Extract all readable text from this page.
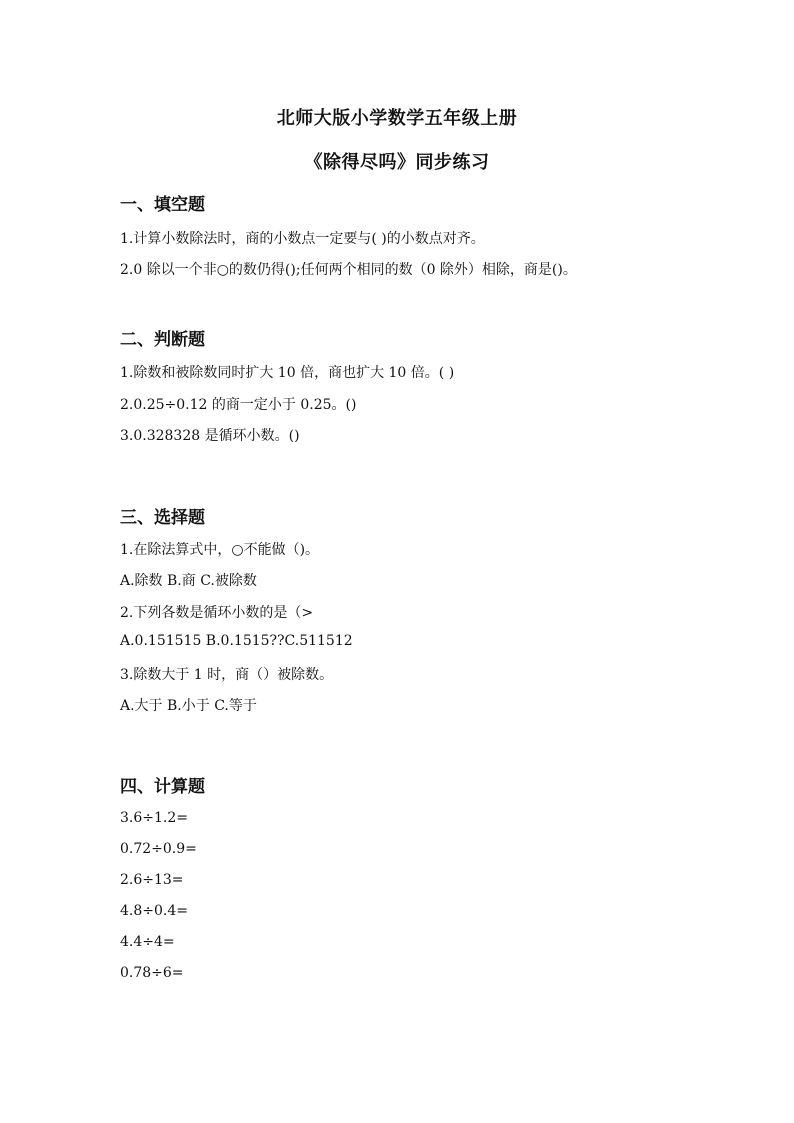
北师大版小学数学五年级上册
《除得尽吗》同步练习
一、填空题
1.计算小数除法时，商的小数点一定要与( )的小数点对齐。
2.0 除以一个非○的数仍得();任何两个相同的数（0 除外）相除，商是()。
二、判断题
1.除数和被除数同时扩大 10 倍，商也扩大 10 倍。( )
2.0.25÷0.12 的商一定小于 0.25。()
3.0.328328 是循环小数。()
三、选择题
1.在除法算式中，○不能做（)。
A.除数 B.商 C.被除数
2.下列各数是循环小数的是（>
A.0.151515 B.0.1515??C.511512
3.除数大于 1 时，商（）被除数。
A.大于 B.小于 C.等于
四、计算题
3.6÷1.2=
0.72÷0.9=
2.6÷13=
4.8÷0.4=
4.4÷4=
0.78÷6=
